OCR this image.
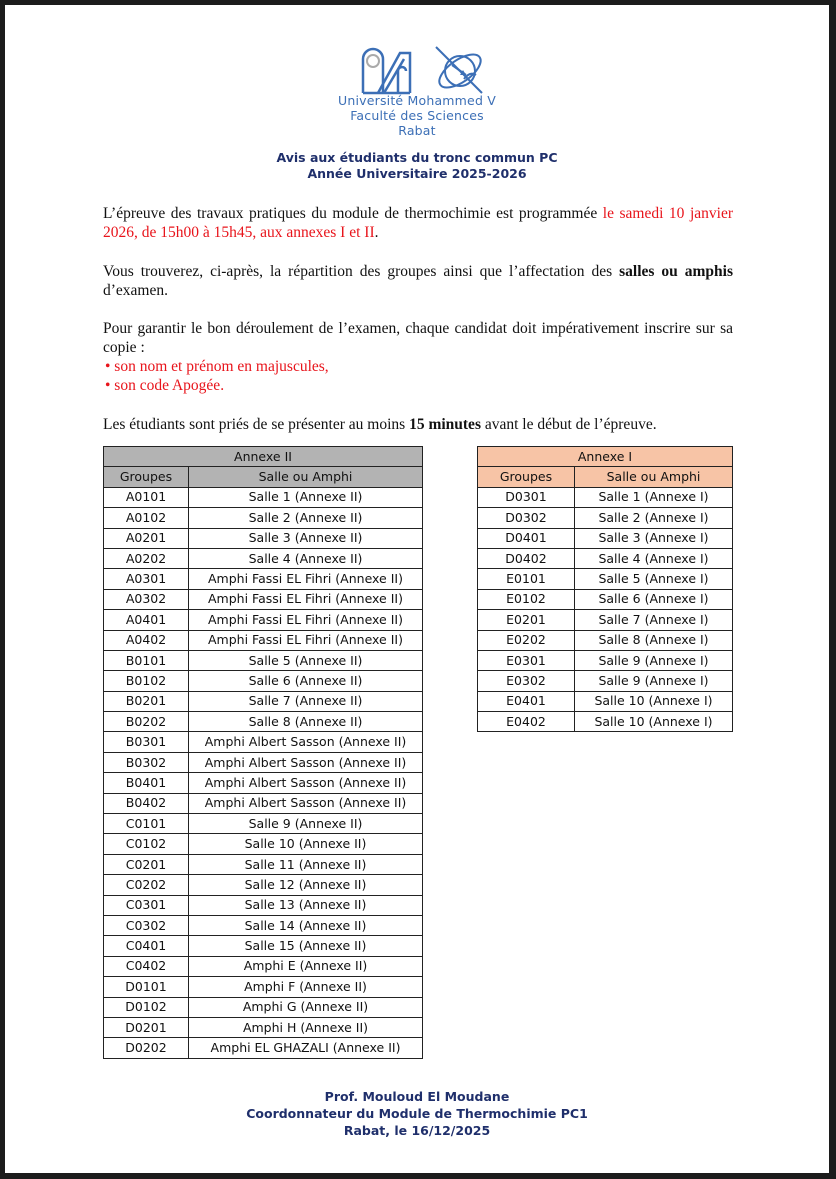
Université Mohammed V
Faculté des Sciences
Rabat
Avis aux étudiants du tronc commun PC
Année Universitaire 2025-2026
L’épreuve des travaux pratiques du module de thermochimie est programmée le samedi 10 janvier 2026, de 15h00 à 15h45, aux annexes I et II.
Vous trouverez, ci-après, la répartition des groupes ainsi que l’affectation des salles ou amphis d’examen.
Pour garantir le bon déroulement de l’examen, chaque candidat doit impérativement inscrire sur sa copie :
• son nom et prénom en majuscules,
• son code Apogée.
Les étudiants sont priés de se présenter au moins 15 minutes avant le début de l’épreuve.
Annexe II	
Groupes	Salle ou Amphi
A0101	Salle 1 (Annexe II)
A0102	Salle 2 (Annexe II)
A0201	Salle 3 (Annexe II)
A0202	Salle 4 (Annexe II)
A0301	Amphi Fassi EL Fihri (Annexe II)
A0302	Amphi Fassi EL Fihri (Annexe II)
A0401	Amphi Fassi EL Fihri (Annexe II)
A0402	Amphi Fassi EL Fihri (Annexe II)
B0101	Salle 5 (Annexe II)
B0102	Salle 6 (Annexe II)
B0201	Salle 7 (Annexe II)
B0202	Salle 8 (Annexe II)
B0301	Amphi Albert Sasson (Annexe II)
B0302	Amphi Albert Sasson (Annexe II)
B0401	Amphi Albert Sasson (Annexe II)
B0402	Amphi Albert Sasson (Annexe II)
C0101	Salle 9 (Annexe II)
C0102	Salle 10 (Annexe II)
C0201	Salle 11 (Annexe II)
C0202	Salle 12 (Annexe II)
C0301	Salle 13 (Annexe II)
C0302	Salle 14 (Annexe II)
C0401	Salle 15 (Annexe II)
C0402	Amphi E (Annexe II)
D0101	Amphi F (Annexe II)
D0102	Amphi G (Annexe II)
D0201	Amphi H (Annexe II)
D0202	Amphi EL GHAZALI (Annexe II)
Annexe I	
Groupes	Salle ou Amphi
D0301	Salle 1 (Annexe I)
D0302	Salle 2 (Annexe I)
D0401	Salle 3 (Annexe I)
D0402	Salle 4 (Annexe I)
E0101	Salle 5 (Annexe I)
E0102	Salle 6 (Annexe I)
E0201	Salle 7 (Annexe I)
E0202	Salle 8 (Annexe I)
E0301	Salle 9 (Annexe I)
E0302	Salle 9 (Annexe I)
E0401	Salle 10 (Annexe I)
E0402	Salle 10 (Annexe I)
Prof. Mouloud El Moudane
Coordonnateur du Module de Thermochimie PC1
Rabat, le 16/12/2025
